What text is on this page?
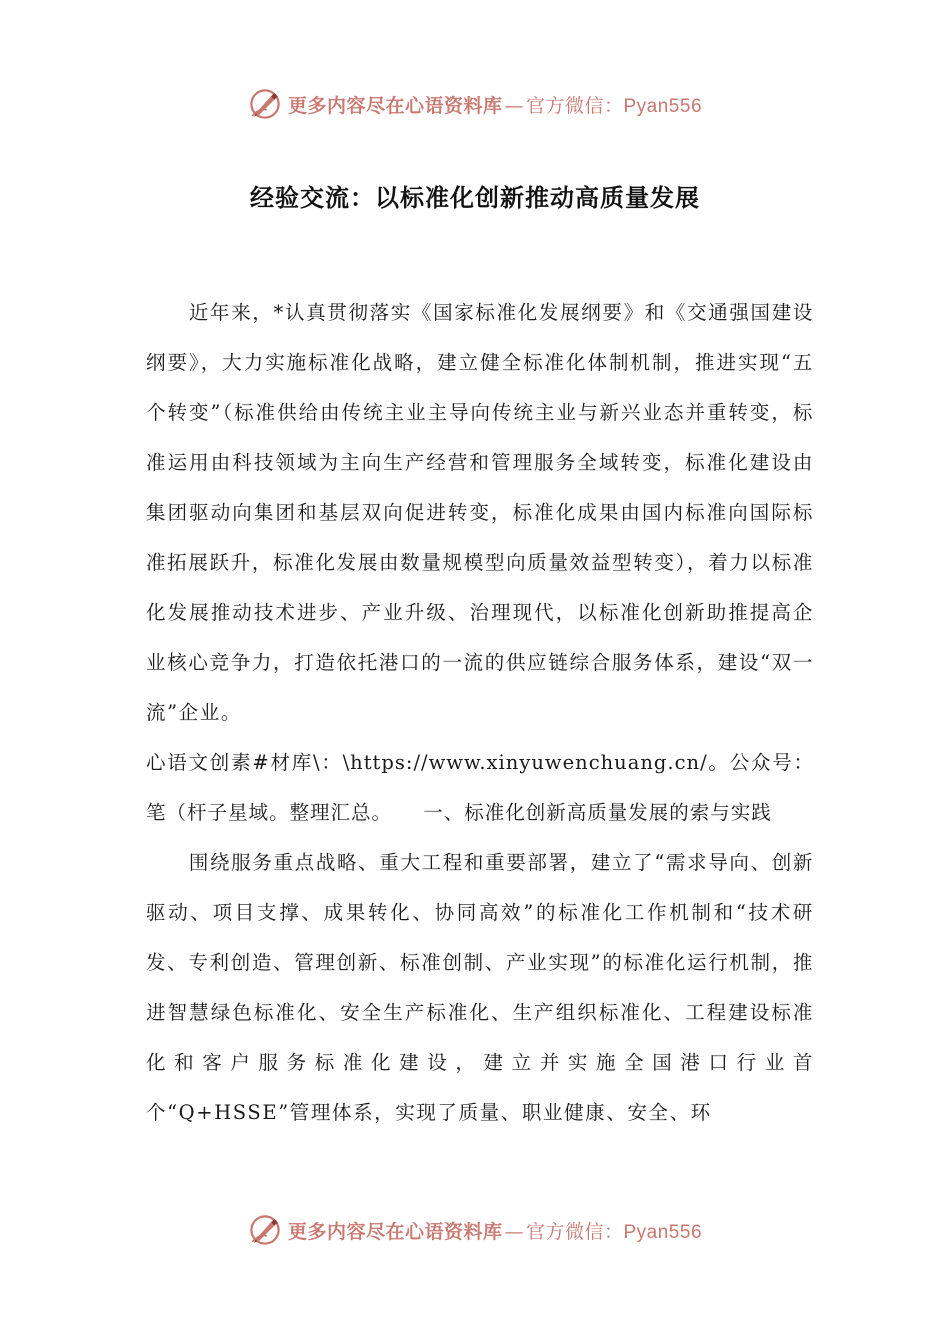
更多内容尽在心语资料库 — 官方微信：Pyan556
经验交流：以标准化创新推动高质量发展

近年来，*认真贯彻落实《国家标准化发展纲要》和《交通强国建设纲要》，大力实施标准化战略，建立健全标准化体制机制，推进实现“五个转变”（标准供给由传统主业主导向传统主业与新兴业态并重转变，标准运用由科技领域为主向生产经营和管理服务全域转变，标准化建设由集团驱动向集团和基层双向促进转变，标准化成果由国内标准向国际标准拓展跃升，标准化发展由数量规模型向质量效益型转变），着力以标准化发展推动技术进步、产业升级、治理现代，以标准化创新助推提高企业核心竞争力，打造依托港口的一流的供应链综合服务体系，建设“双一流”企业。

心语文创素#材库\：\https://www.xinyuwenchuang.cn/。公众号：笔（杆子星域。整理汇总。　　一、标准化创新高质量发展的索与实践

围绕服务重点战略、重大工程和重要部署，建立了“需求导向、创新驱动、项目支撑、成果转化、协同高效”的标准化工作机制和“技术研发、专利创造、管理创新、标准创制、产业实现”的标准化运行机制，推进智慧绿色标准化、安全生产标准化、生产组织标准化、工程建设标准化和客户服务标准化建设，建立并实施全国港口行业首个“Q+HSSE”管理体系，实现了质量、职业健康、安全、环

更多内容尽在心语资料库 — 官方微信：Pyan556
